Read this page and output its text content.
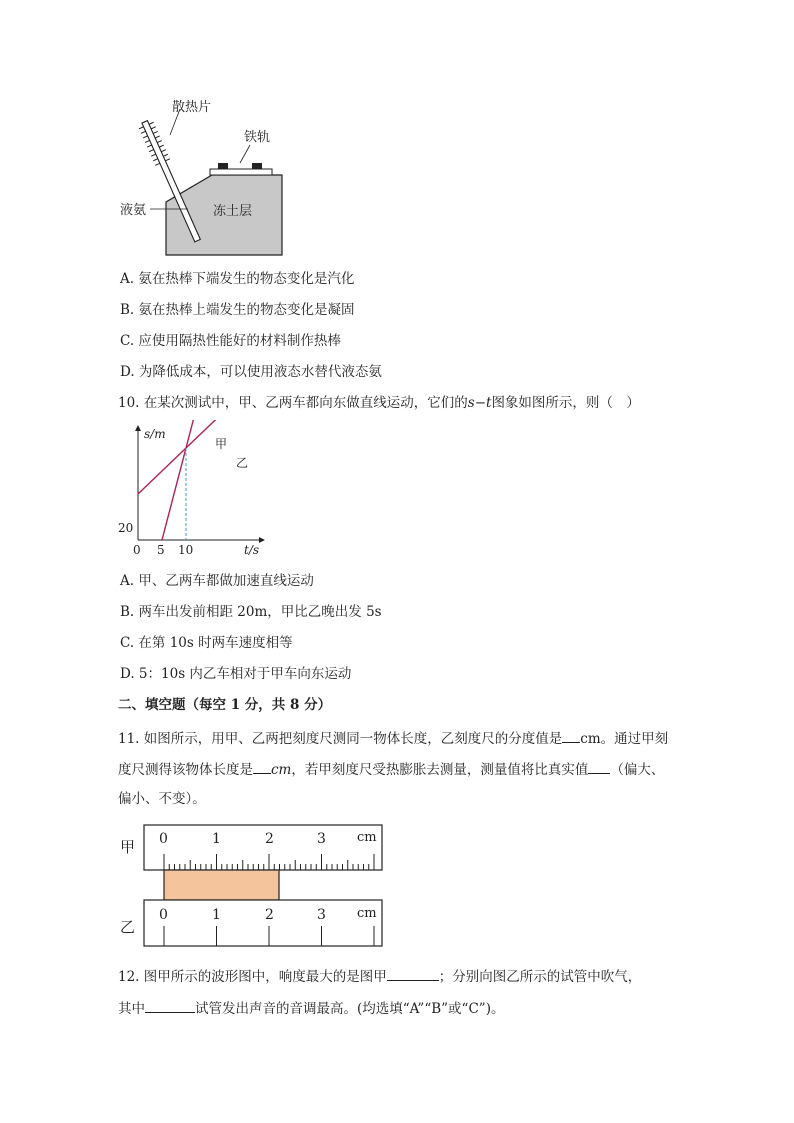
散热片
铁轨
液氨	冻土层
A. 氨在热棒下端发生的物态变化是汽化
B. 氨在热棒上端发生的物态变化是凝固
C. 应使用隔热性能好的材料制作热棒
D. 为降低成本，可以使用液态水替代液态氨
10. 在某次测试中，甲、乙两车都向东做直线运动，它们的s−t图象如图所示，则（　）
s/m
t/s
0 5 10
20
甲
乙
A. 甲、乙两车都做加速直线运动
B. 两车出发前相距 20m，甲比乙晚出发 5s
C. 在第 10s 时两车速度相等
D. 5：10s 内乙车相对于甲车向东运动
二、填空题（每空 1 分，共 8 分）
11. 如图所示，用甲、乙两把刻度尺测同一物体长度，乙刻度尺的分度值是 cm。通过甲刻
度尺测得该物体长度是 cm，若甲刻度尺受热膨胀去测量，测量值将比真实值 （偏大、
偏小、不变）。
0	1	2	3 cm
甲
0	1	2	3 cm
乙
12. 图甲所示的波形图中，响度最大的是图甲	；分别向图乙所示的试管中吹气，
其中	试管发出声音的音调最高。(均选填“A”“B”或“C”)。
